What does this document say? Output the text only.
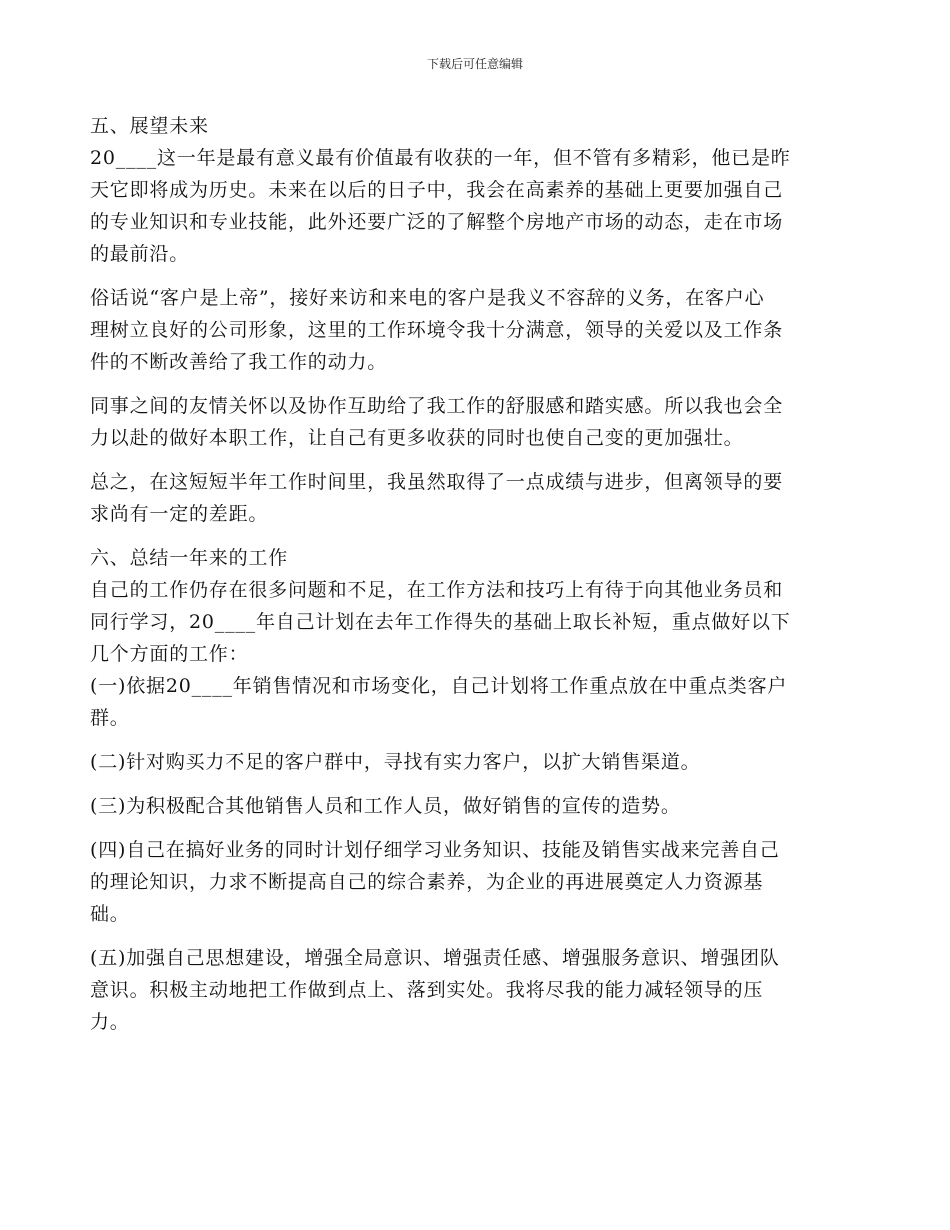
下载后可任意编辑
五、展望未来
20____这一年是最有意义最有价值最有收获的一年，但不管有多精彩，他已是昨
天它即将成为历史。未来在以后的日子中，我会在高素养的基础上更要加强自己
的专业知识和专业技能，此外还要广泛的了解整个房地产市场的动态，走在市场
的最前沿。
俗话说“客户是上帝”，接好来访和来电的客户是我义不容辞的义务，在客户心
理树立良好的公司形象，这里的工作环境令我十分满意，领导的关爱以及工作条
件的不断改善给了我工作的动力。
同事之间的友情关怀以及协作互助给了我工作的舒服感和踏实感。所以我也会全
力以赴的做好本职工作，让自己有更多收获的同时也使自己变的更加强壮。
总之，在这短短半年工作时间里，我虽然取得了一点成绩与进步，但离领导的要
求尚有一定的差距。
六、总结一年来的工作
自己的工作仍存在很多问题和不足，在工作方法和技巧上有待于向其他业务员和
同行学习，20____年自己计划在去年工作得失的基础上取长补短，重点做好以下
几个方面的工作：
(一)依据20____年销售情况和市场变化，自己计划将工作重点放在中重点类客户
群。
(二)针对购买力不足的客户群中，寻找有实力客户，以扩大销售渠道。
(三)为积极配合其他销售人员和工作人员，做好销售的宣传的造势。
(四)自己在搞好业务的同时计划仔细学习业务知识、技能及销售实战来完善自己
的理论知识，力求不断提高自己的综合素养，为企业的再进展奠定人力资源基
础。
(五)加强自己思想建设，增强全局意识、增强责任感、增强服务意识、增强团队
意识。积极主动地把工作做到点上、落到实处。我将尽我的能力减轻领导的压
力。
